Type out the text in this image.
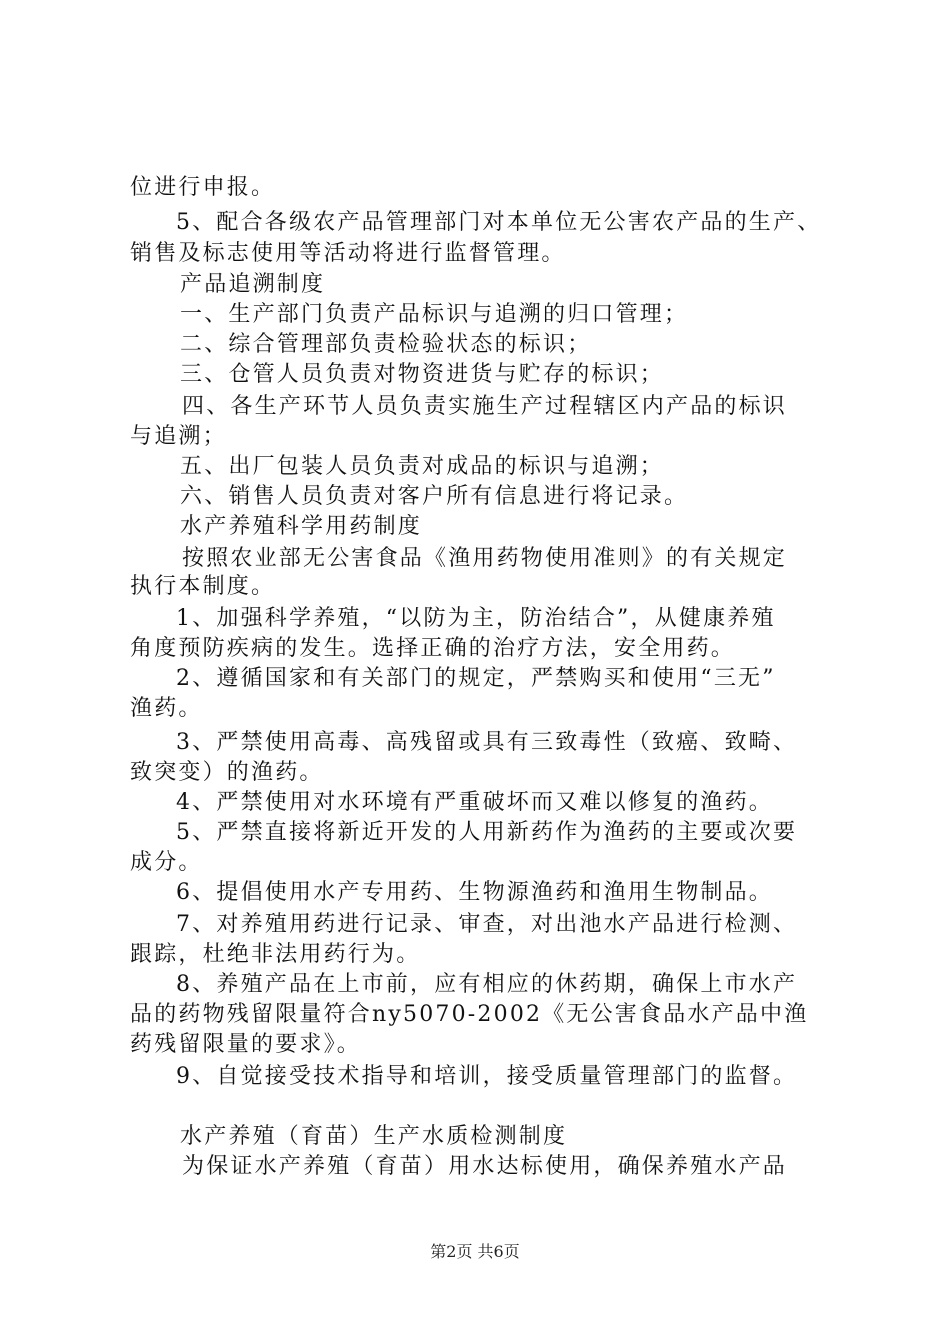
位进行申报。
5、配合各级农产品管理部门对本单位无公害农产品的生产、
销售及标志使用等活动将进行监督管理。
产品追溯制度
一、生产部门负责产品标识与追溯的归口管理；
二、综合管理部负责检验状态的标识；
三、仓管人员负责对物资进货与贮存的标识；
四、各生产环节人员负责实施生产过程辖区内产品的标识
与追溯；
五、出厂包装人员负责对成品的标识与追溯；
六、销售人员负责对客户所有信息进行将记录。
水产养殖科学用药制度
按照农业部无公害食品《渔用药物使用准则》的有关规定
执行本制度。
1、加强科学养殖，“以防为主，防治结合”，从健康养殖
角度预防疾病的发生。选择正确的治疗方法，安全用药。
2、遵循国家和有关部门的规定，严禁购买和使用“三无”
渔药。
3、严禁使用高毒、高残留或具有三致毒性（致癌、致畸、
致突变）的渔药。
4、严禁使用对水环境有严重破坏而又难以修复的渔药。
5、严禁直接将新近开发的人用新药作为渔药的主要或次要
成分。
6、提倡使用水产专用药、生物源渔药和渔用生物制品。
7、对养殖用药进行记录、审查，对出池水产品进行检测、
跟踪，杜绝非法用药行为。
8、养殖产品在上市前，应有相应的休药期，确保上市水产
品的药物残留限量符合ny5070-2002《无公害食品水产品中渔
药残留限量的要求》。
9、自觉接受技术指导和培训，接受质量管理部门的监督。
水产养殖（育苗）生产水质检测制度
为保证水产养殖（育苗）用水达标使用，确保养殖水产品
第2页 共6页
